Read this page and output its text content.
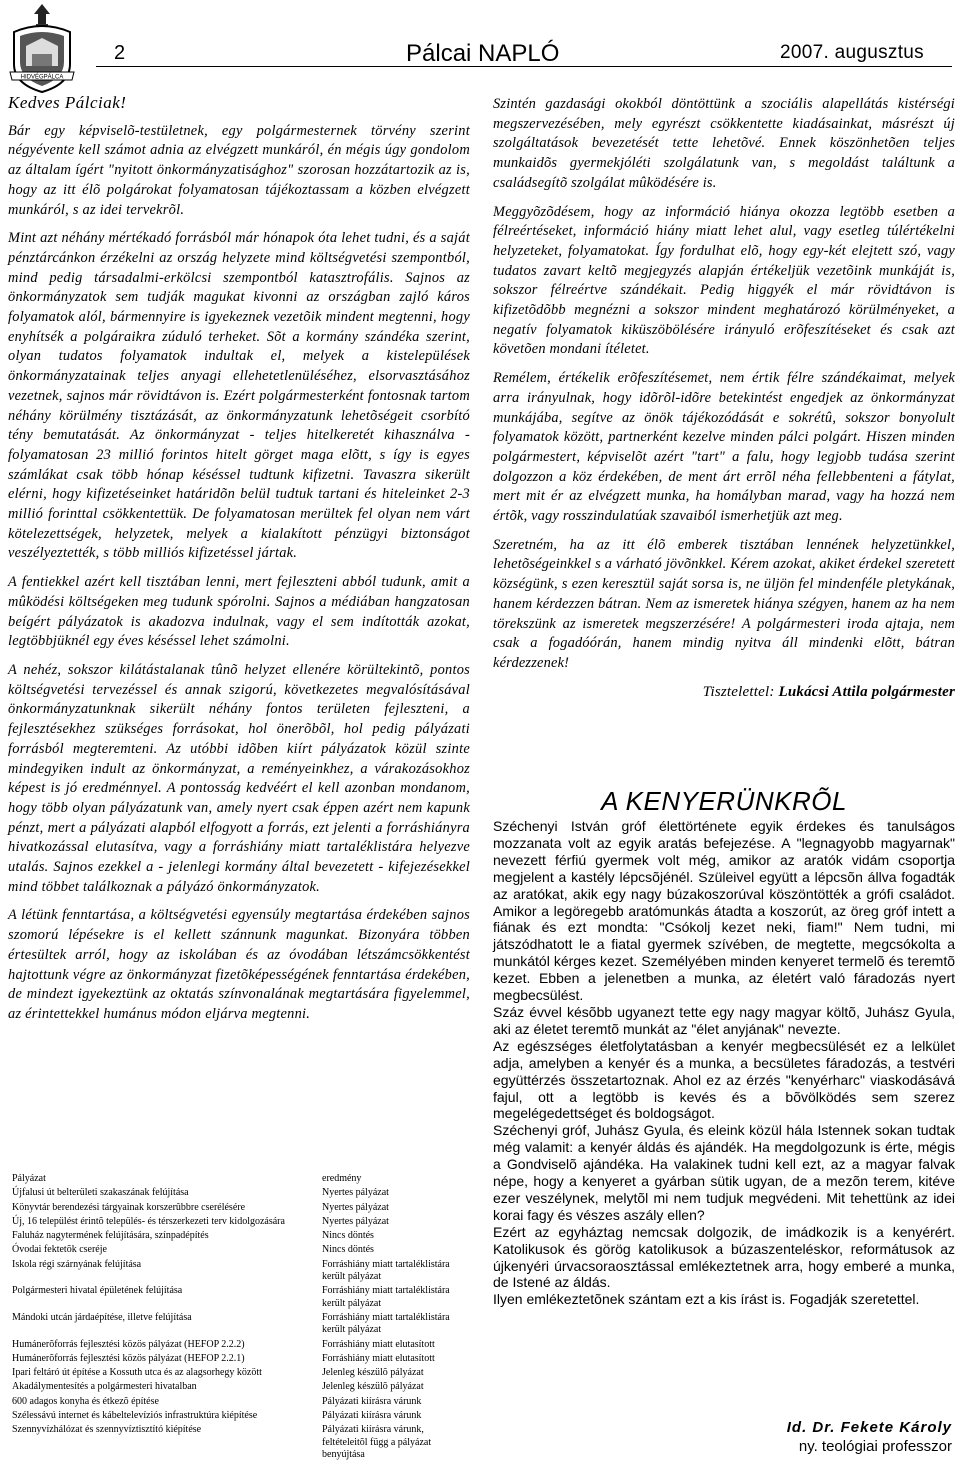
HIDVÉGPÁLCA
2	Pálcai NAPLÓ	2007. augusztus
Kedves Pálciak!

Bár egy képviselõ-testületnek, egy polgármesternek törvény szerint négyévente kell számot adnia az elvégzett munkáról, én mégis úgy gondolom az általam ígért "nyitott önkormányzatisághoz" szorosan hozzátartozik az is, hogy az itt élõ polgárokat folyamatosan tájékoztassam a közben elvégzett munkáról, s az idei tervekrõl.

Mint azt néhány mértékadó forrásból már hónapok óta lehet tudni, és a saját pénztárcánkon érzékelni az ország helyzete mind költségvetési szempontból, mind pedig társadalmi-erkölcsi szempontból katasztrofális. Sajnos az önkormányzatok sem tudják magukat kivonni az országban zajló káros folyamatok alól, bármennyire is igyekeznek vezetõik mindent megtenni, hogy enyhítsék a polgáraikra zúduló terheket. Sõt a kormány szándéka szerint, olyan tudatos folyamatok indultak el, melyek a kistelepülések önkormányzatainak teljes anyagi ellehetetlenüléséhez, elsorvasztásához vezetnek, sajnos már rövidtávon is. Ezért polgármesterként fontosnak tartom néhány körülmény tisztázását, az önkormányzatunk lehetõségeit csorbító tény bemutatását. Az önkormányzat - teljes hitelkeretét kihasználva - folyamatosan 23 millió forintos hitelt görget maga elõtt, s így is egyes számlákat csak több hónap késéssel tudtunk kifizetni. Tavaszra sikerült elérni, hogy kifizetéseinket határidõn belül tudtuk tartani és hiteleinket 2-3 millió forinttal csökkentettük. De folyamatosan merültek fel olyan nem várt kötelezettségek, helyzetek, melyek a kialakított pénzügyi biztonságot veszélyeztették, s több milliós kifizetéssel jártak.

A fentiekkel azért kell tisztában lenni, mert fejleszteni abból tudunk, amit a mûködési költségeken meg tudunk spórolni. Sajnos a médiában hangzatosan beígért pályázatok is akadozva indulnak, vagy el sem indították azokat, legtöbbjüknél egy éves késéssel lehet számolni.

A nehéz, sokszor kilátástalanak tûnõ helyzet ellenére körültekintõ, pontos költségvetési tervezéssel és annak szigorú, következetes megvalósításával önkormányzatunknak sikerült néhány fontos területen fejleszteni, a fejlesztésekhez szükséges forrásokat, hol önerõbõl, hol pedig pályázati forrásból megteremteni. Az utóbbi idõben kiírt pályázatok közül szinte mindegyiken indult az önkormányzat, a reményeinkhez, a várakozásokhoz képest is jó eredménnyel. A pontosság kedvéért el kell azonban mondanom, hogy több olyan pályázatunk van, amely nyert csak éppen azért nem kapunk pénzt, mert a pályázati alapból elfogyott a forrás, ezt jelenti a forráshiányra hivatkozással elutasítva, vagy a forráshiány miatt tartaléklistára helyezve utalás. Sajnos ezekkel a - jelenlegi kormány által bevezetett - kifejezésekkel mind többet találkoznak a pályázó önkormányzatok.

A létünk fenntartása, a költségvetési egyensúly megtartása érdekében sajnos szomorú lépésekre is el kellett szánnunk magunkat. Bizonyára többen értesültek arról, hogy az iskolában és az óvodában létszámcsökkentést hajtottunk végre az önkormányzat fizetõképességének fenntartása érdekében, de mindezt igyekeztünk az oktatás színvonalának megtartására figyelemmel, az érintettekkel humánus módon eljárva megtenni.

Szintén gazdasági okokból döntöttünk a szociális alapellátás kistérségi megszervezésében, mely egyrészt csökkentette kiadásainkat, másrészt új szolgáltatások bevezetését tette lehetõvé. Ennek köszönhetõen teljes munkaidõs gyermekjóléti szolgálatunk van, s megoldást találtunk a családsegítõ szolgálat mûködésére is.

Meggyõzõdésem, hogy az információ hiánya okozza legtöbb esetben a félreértéseket, információ hiány miatt lehet alul, vagy esetleg túlértékelni helyzeteket, folyamatokat. Így fordulhat elõ, hogy egy-két elejtett szó, vagy tudatos zavart keltõ megjegyzés alapján értékeljük vezetõink munkáját is, sokszor félreértve szándékait. Pedig higgyék el már rövidtávon is kifizetõdõbb megnézni a sokszor mindent meghatározó körülményeket, a negatív folyamatok kiküszöbölésére irányuló erõfeszítéseket és csak azt követõen mondani ítéletet.

Remélem, értékelik erõfeszítésemet, nem értik félre szándékaimat, melyek arra irányulnak, hogy idõrõl-idõre betekintést engedjek az önkormányzat munkájába, segítve az önök tájékozódását e sokrétû, sokszor bonyolult folyamatok között, partnerként kezelve minden pálci polgárt. Hiszen minden polgármestert, képviselõt azért "tart" a falu, hogy legjobb tudása szerint dolgozzon a köz érdekében, de ment árt errõl néha fellebbenteni a fátylat, mert mit ér az elvégzett munka, ha homályban marad, vagy ha hozzá nem értõk, vagy rosszindulatúak szavaiból ismerhetjük azt meg.

Szeretném, ha az itt élõ emberek tisztában lennének helyzetünkkel, lehetõségeinkkel s a várható jövõnkkel. Kérem azokat, akiket érdekel szeretett községünk, s ezen keresztül saját sorsa is, ne üljön fel mindenféle pletykának, hanem kérdezzen bátran. Nem az ismeretek hiánya szégyen, hanem az ha nem törekszünk az ismeretek megszerzésére! A polgármesteri iroda ajtaja, nem csak a fogadóórán, hanem mindig nyitva áll mindenki elõtt, bátran kérdezzenek!

Tisztelettel: Lukácsi Attila polgármester
A KENYERÜNKRÕL

Széchenyi István gróf élettörténete egyik érdekes és tanulságos mozzanata volt az egyik aratás befejezése. A "legnagyobb magyarnak" nevezett férfiú gyermek volt még, amikor az aratók vidám csoportja megjelent a kastély lépcsõjénél. Szüleivel együtt a lépcsõn állva fogadták az aratókat, akik egy nagy búzakoszorúval köszöntötték a grófi családot. Amikor a legöregebb aratómunkás átadta a koszorút, az öreg gróf intett a fiának és ezt mondta: "Csókolj kezet neki, fiam!" Nem tudni, mi játszódhatott le a fiatal gyermek szívében, de megtette, megcsókolta a munkától kérges kezet. Személyében minden kenyeret termelõ és teremtõ kezet. Ebben a jelenetben a munka, az életért való fáradozás nyert megbecsülést.

Száz évvel késõbb ugyanezt tette egy nagy magyar költõ, Juhász Gyula, aki az életet teremtõ munkát az "élet anyjának" nevezte.

Az egészséges életfolytatásban a kenyér megbecsülését ez a lelkület adja, amelyben a kenyér és a munka, a becsületes fáradozás, a testvéri együttérzés összetartoznak. Ahol ez az érzés "kenyérharc" viaskodásává fajul, ott a legtöbb is kevés és a bõvölködés sem szerez megelégedettséget és boldogságot.

Széchenyi gróf, Juhász Gyula, és eleink közül hála Istennek sokan tudtak még valamit: a kenyér áldás és ajándék. Ha megdolgozunk is érte, mégis a Gondviselõ ajándéka. Ha valakinek tudni kell ezt, az a magyar falvak népe, hogy a kenyeret a gyárban sütik ugyan, de a mezõn terem, kitéve ezer veszélynek, melytõl mi nem tudjuk megvédeni. Mit tehettünk az idei korai fagy és vészes aszály ellen?

Ezért az egyháztag nemcsak dolgozik, de imádkozik is a kenyérért. Katolikusok és görög katolikusok a búzaszenteléskor, reformátusok az újkenyéri úrvacsoraosztással emlékeztetnek arra, hogy emberé a munka, de Istené az áldás.

Ilyen emlékeztetõnek szántam ezt a kis írást is. Fogadják szeretettel.

Id. Dr. Fekete Károly
ny. teológiai professzor
Pályázat	eredmény
Újfalusi út belterületi szakaszának felújítása	Nyertes pályázat
Könyvtár berendezési tárgyainak korszerûbbre cserélésére	Nyertes pályázat
Új, 16 települést érintõ település- és térszerkezeti terv kidolgozására	Nyertes pályázat
Faluház nagytermének felújítására, színpadépítés	Nincs döntés
Óvodai fektetõk cseréje	Nincs döntés
Iskola régi szárnyának felújítása	Forráshiány miatt tartaléklistára került pályázat
Polgármesteri hivatal épületének felújítása	Forráshiány miatt tartaléklistára került pályázat
Mándoki utcán járdaépítése, illetve felújítása	Forráshiány miatt tartaléklistára került pályázat
Humánerõforrás fejlesztési közös pályázat (HEFOP 2.2.2)	Forráshiány miatt elutasított
Humánerõforrás fejlesztési közös pályázat (HEFOP 2.2.1)	Forráshiány miatt elutasított
Ipari feltáró út építése a Kossuth utca és az alagsorhegy között	Jelenleg készülõ pályázat
Akadálymentesítés a polgármesteri hivatalban	Jelenleg készülõ pályázat
600 adagos konyha és étkezõ építése	Pályázati kiírásra várunk
Szélessávú internet és kábeltelevíziós infrastruktúra kiépítése	Pályázati kiírásra várunk
Szennyvízhálózat és szennyvíztisztító kiépítése	Pályázati kiírásra várunk, feltételeitõl függ a pályázat benyújtása
